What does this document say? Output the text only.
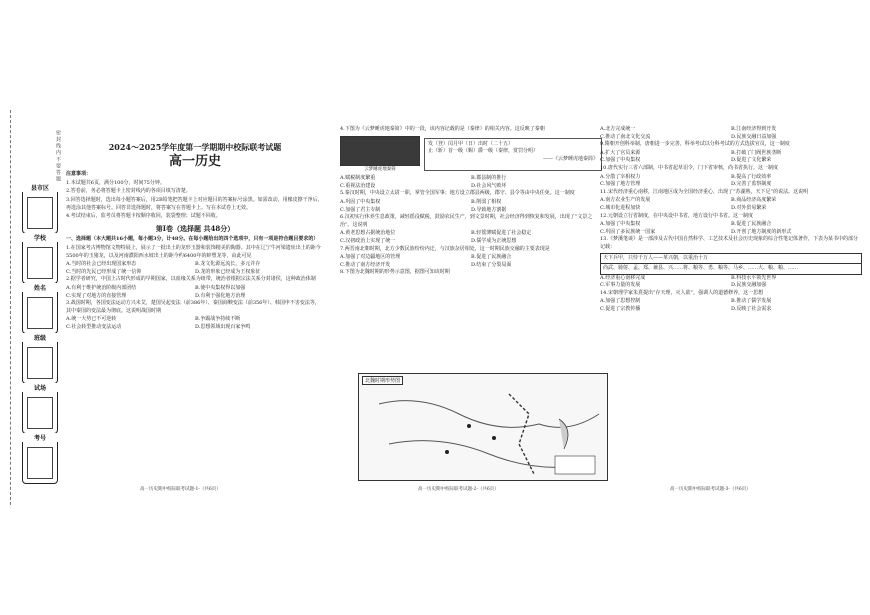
县市区
学校
姓名
班级
试场
考号
密 封 线 内 不 要 答 题	2024～2025学年度第一学期期中校际联考试题
高一历史

注意事项：

1.本试题共6页，满分100分，时间75分钟。

2.答卷前，务必将答题卡上密封线内的各项目填写清楚。

3.回答选择题时，选出每小题答案后，用2B铅笔把答题卡上对应题目的答案标号涂黑。如需改动，用橡皮擦干净后，再选涂其他答案标号。回答非选择题时，将答案写在答题卡上。写在本试卷上无效。

4.考试结束后，监考员将答题卡按顺序收回，装袋整理；试题不回收。

第Ⅰ卷（选择题 共48分）

一、选择题（本大题共16小题，每小题3分，计48分。在每小题给出的四个选项中，只有一项是符合题目要求的）

1.在国家考古博物馆文物特展上，展示了一批出土的龙形玉器和装饰精美的陶器。其中在辽宁牛河梁遗址出土的距今5500年的玉猪龙，以及河南濮阳西水坡出土的距今约6400年的蚌塑龙等，由此可见

A.当时的社会已经出现国家形态	B.龙文化源远流长，多元并存
C.当时的先民已经形成了统一信仰	D.龙的形象已经成为王权象征

2.据学者研究，中国上古时代形成的早期国家，以血缘关系为纽带，统治者根据宗法关系分封诸侯，这种政治体制

A.有利于维护统治阶级内部团结	B.使中央集权得以加强
C.实现了对地方的直接管理	D.有利于强化地方治理

3.战国时期，各国变法运动方兴未艾，楚国吴起变法（前386年）、秦国商鞅变法（前356年）、韩国申不害变法等，其中秦国的变法最为彻底。这说明战国时期

A.统一大势已不可逆转	B.争霸战争持续不断
C.社会转型推动变法运动	D.思想领域出现百家争鸣
高一历史期中校际联考试题-1-（共6页）

4.下图为《云梦睡虎地秦简》中的一段，该内容记载的是（秦律）的相关内容。这反映了秦朝

云梦睡虎地秦简
发（登）闰月甲（日）出时（二十五）
止（斩）首一级（赐）爵一级（秦律，赏罚分明）
——《云梦睡虎地秦简》
A.赋税制度繁重	B.郡县制的推行
C.重视法治建设	D.社会风气败坏

5.秦汉时期，中央设立太尉一职，掌管全国军事；地方设立郡县两级，郡守、县令等由中央任免。这一制度

A.巩固了中央集权	B.削弱了相权
C.加强了君主专制	D.导致地方割据

6.汉初实行休养生息政策，减轻徭役赋税，鼓励农民生产，到文景时期，社会经济得到恢复和发展，出现了“文景之治”。这说明

A.黄老思想占据统治地位	B.轻徭薄赋促进了社会稳定
C.汉初政治上实现了统一	D.儒学成为正统思想

7.两晋南北朝时期，北方少数民族纷纷内迁，与汉族杂居相处，这一时期民族交融的主要表现是

A.加强了对边疆地区的管理	B.促进了民族融合
C.推动了南方经济开发	D.结束了分裂局面

8.下图为北魏时期的形势示意图，据图可知该时期

北魏时期形势图
高一历史期中校际联考试题-2-（共6页）
A.北方完成统一	B.江南经济得到开发
C.推动了南北文化交流	D.民族交融日益加强

9.隋朝开创科举制，唐朝进一步完善，科举考试以分科考试的方式选拔官员，这一制度

A.扩大了官员来源	B.打破了门阀世族垄断
C.加强了中央集权	D.促进了文化繁荣

10.唐代实行三省六部制，中书省起草诏令，门下省审核，尚书省执行。这一制度

A.分散了宰相权力	B.提高了行政效率
C.加强了地方管理	D.完善了监察制度

11.宋代经济重心南移，江南地区成为全国经济重心，出现了“苏湖熟，天下足”的说法。这说明

A.南方农业生产的发展	B.商品经济高度繁荣
C.城市化进程加快	D.对外贸易繁荣

12.元朝设立行省制度，在中央设中书省，地方设行中书省。这一制度

A.加强了中央集权	B.促进了民族融合
C.巩固了多民族统一国家	D.开创了地方制度的新形式

13.《梦溪笔谈》是一部涉及古代中国自然科学、工艺技术及社会历史现象的综合性笔记体著作，下表为某书中的部分记载：

天下兵甲，只恃千万人——革兴朝，以重治十万
尚武、骑射、孟、郑、兼县、兴……将、粮等、勇、粮等、马乡、……大、粮、粮、……
A.经济重心南移完成	B.科技水平领先世界
C.军事力量的发展	D.民族交融加强

14.宋朝理学家朱熹提出“存天理，灭人欲”，强调人的道德修养，这一思想

A.加强了思想控制	B.推动了儒学发展
C.促进了宗教传播	D.反映了社会需求
高一历史期中校际联考试题-3-（共6页）
